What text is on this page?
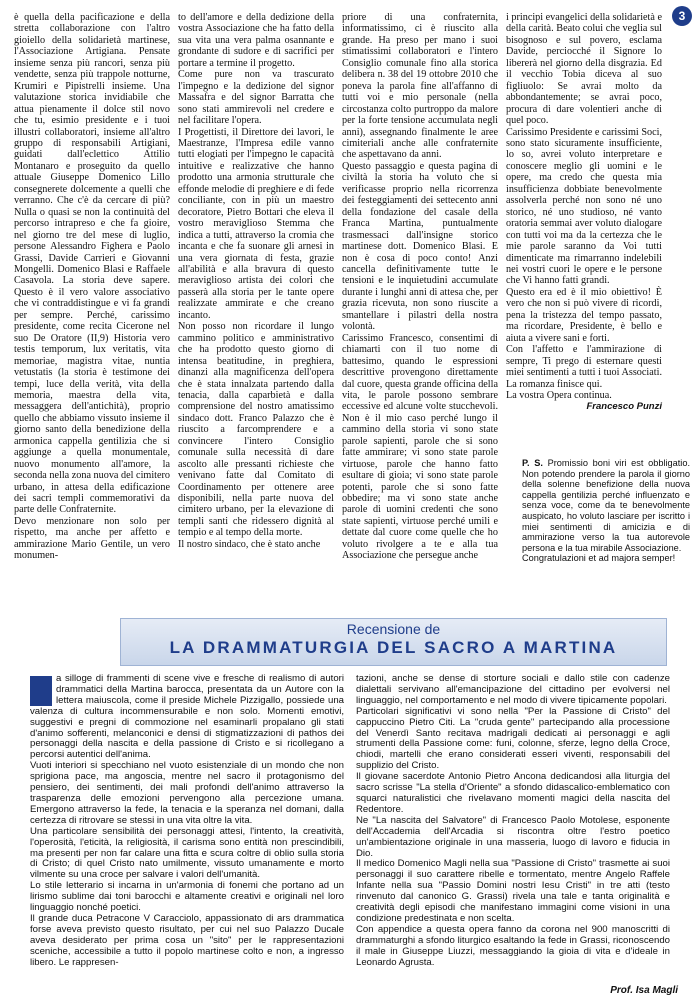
3

è quella della pacificazione e della stretta collaborazione con l'altro gioiello della solidarietà martinese, l'Associazione Artigiana. Pensate insieme senza più rancori, senza più vendette, senza più trappole notturne, Krumiri e Pipistrelli insieme. Una valutazione storica invidiabile che attua pienamente il dolce stil novo che tu, esimio presidente e i tuoi illustri collaboratori, insieme all'altro gruppo di responsabili Artigiani, guidati dall'eclettico Attilio Montanaro e proseguito da quello attuale Giuseppe Domenico Lillo consegnerete dolcemente a quelli che verranno. Che c'è da cercare di più? Nulla o quasi se non la continuità del percorso intrapreso e che fa gioire, nel giorno tre del mese di luglio, persone Alessandro Fighera e Paolo Grassi, Davide Carrieri e Giovanni Mongelli. Domenico Blasi e Raffaele Casavola. La storia deve sapere. Questo è il vero valore associativo che vi contraddistingue e vi fa grandi per sempre. Perché, carissimo presidente, come recita Cicerone nel suo De Oratore (II,9) Historia vero testis temporum, lux veritatis, vita memoriae, magistra vitae, nuntia vetustatis (la storia è testimone dei tempi, luce della verità, vita della memoria, maestra della vita, messaggera dell'antichità), proprio quello che abbiamo vissuto insieme il giorno santo della benedizione della armonica cappella gentilizia che si aggiunge a quella monumentale, nuovo monumento all'amore, la seconda nella zona nuova del cimitero urbano, in attesa della edificazione dei sacri templi commemorativi da parte delle Confraternite.

Devo menzionare non solo per rispetto, ma anche per affetto e ammirazione Mario Gentile, un vero monumen-

to dell'amore e della dedizione della vostra Associazione che ha fatto della sua vita una vera palma osannante e grondante di sudore e di sacrifici per portare a termine il progetto.

Come pure non va trascurato l'impegno e la dedizione del signor Massafra e del signor Barratta che sono stati ammirevoli nel credere e nel facilitare l'opera.

I Progettisti, il Direttore dei lavori, le Maestranze, l'Impresa edile vanno tutti elogiati per l'impegno le capacità intuitive e realizzative che hanno prodotto una armonia strutturale che effonde melodie di preghiere e di fede conciliante, con in più un maestro decoratore, Pietro Bottari che eleva il vostro meraviglioso Stemma che indica a tutti, attraverso la cromia che incanta e che fa suonare gli arnesi in una vera giornata di festa, grazie all'abilità e alla bravura di questo meraviglioso artista dei colori che passerà alla storia per le tante opere realizzate ammirate e che creano incanto.

Non posso non ricordare il lungo cammino politico e amministrativo che ha prodotto questo giorno di intensa beatitudine, in preghiera, dinanzi alla magnificenza dell'opera che è stata innalzata partendo dalla tenacia, dalla caparbietà e dalla comprensione del nostro amatissimo sindaco dott. Franco Palazzo che è riuscito a farcomprendere e a convincere l'intero Consiglio comunale sulla necessità di dare ascolto alle pressanti richieste che venivano fatte dal Comitato di Coordinamento per ottenere aree disponibili, nella parte nuova del cimitero urbano, per la elevazione di templi santi che ridessero dignità al tempio e al tempo della morte.

Il nostro sindaco, che è stato anche

priore di una confraternita, informatissimo, ci è riuscito alla grande. Ha preso per mano i suoi stimatissimi collaboratori e l'intero Consiglio comunale fino alla storica delibera n. 38 del 19 ottobre 2010 che poneva la parola fine all'affanno di tutti voi e mio personale (nella circostanza colto purtroppo da malore per la forte tensione accumulata negli anni), assegnando finalmente le aree cimiteriali anche alle confraternite che aspettavano da anni.

Questo passaggio e questa pagina di civiltà la storia ha voluto che si verificasse proprio nella ricorrenza dei festeggiamenti dei settecento anni della fondazione del casale della Franca Martina, puntualmente trasmessaci dall'insigne storico martinese dott. Domenico Blasi. E non è cosa di poco conto! Anzi cancella definitivamente tutte le tensioni e le inquietudini accumulate durante i lunghi anni di attesa che, per grazia ricevuta, non sono riuscite a smantellare i pilastri della nostra volontà.

Carissimo Francesco, consentimi di chiamarti con il tuo nome di battesimo, quando le espressioni descrittive provengono direttamente dal cuore, questa grande officina della vita, le parole possono sembrare eccessive ed alcune volte stucchevoli. Non è il mio caso perché lungo il cammino della storia vi sono state parole sapienti, parole che si sono fatte ammirare; vi sono state parole virtuose, parole che hanno fatto esultare di gioia; vi sono state parole potenti, parole che si sono fatte obbedire; ma vi sono state anche parole di uomini credenti che sono state sapienti, virtuose perché umili e dettate dal cuore come quelle che ho voluto rivolgere a te e alla tua Associazione che persegue anche

i principi evangelici della solidarietà e della carità. Beato colui che veglia sul bisognoso e sul povero, esclama Davide, perciocché il Signore lo libererà nel giorno della disgrazia. Ed il vecchio Tobia diceva al suo figliuolo: Se avrai molto da abbondantemente; se avrai poco, procura di dare volentieri anche di quel poco.

Carissimo Presidente e carissimi Soci, sono stato sicuramente insufficiente, lo so, avrei voluto interpretare e conoscere meglio gli uomini e le opere, ma credo che questa mia insufficienza dobbiate benevolmente assolverla perché non sono né uno storico, né uno studioso, né vanto oratoria semmai aver voluto dialogare con tutti voi ma da la certezza che le mie parole saranno da Voi tutti dimenticate ma rimarranno indelebili nei vostri cuori le opere e le persone che Vi hanno fatti grandi.

Questo era ed è il mio obiettivo! È vero che non si può vivere di ricordi, pena la tristezza del tempo passato, ma ricordare, Presidente, è bello e aiuta a vivere sani e forti.

Con l'affetto e l'ammirazione di sempre, Ti prego di esternare questi miei sentimenti a tutti i tuoi Associati. La romanza finisce qui.

La vostra Opera continua.

Francesco Punzi

P. S. Promissio boni viri est obbligatio. Non potendo prendere la parola il giorno della solenne benefizione della nuova cappella gentilizia perché influenzato e senza voce, come da te benevolmente auspicato, ho voluto lasciare per iscritto i miei sentimenti di amicizia e di ammirazione verso la tua autorevole persona e la tua mirabile Associazione.
Congratulazioni et ad majora semper!
Recensione de
LA DRAMMATURGIA DEL SACRO A MARTINA

a silloge di frammenti di scene vive e fresche di realismo di autori drammatici della Martina barocca, presentata da un Autore con la lettera maiuscola, come il preside Michele Pizzigallo, possiede una valenza di cultura incommensurabile e non solo. Momenti emotivi, suggestivi e pregni di commozione nel esaminarli propalano gli stati d'animo sofferenti, melanconici e densi di stigmatizzazioni di pathos dei personaggi della nascita e della passione di Cristo e si ricollegano a percorsi autentici dell'anima.

Vuoti interiori si specchiano nel vuoto esistenziale di un mondo che non sprigiona pace, ma angoscia, mentre nel sacro il protagonismo del pensiero, dei sentimenti, dei mali profondi dell'animo attraverso la trasparenza delle emozioni pervengono alla percezione umana. Emergono attraverso la fede, la tenacia e la speranza nel domani, dalla certezza di ritrovare se stessi in una vita oltre la vita.

Una particolare sensibilità dei personaggi attesi, l'intento, la creatività, l'operosità, l'eticità, la religiosità, il carisma sono entità non prescindibili, ma presenti per non far calare una fitta e scura coltre di oblio sulla storia di Cristo; di quel Cristo nato umilmente, vissuto umanamente e morto vilmente su una croce per salvare i valori dell'umanità.

Lo stile letterario si incarna in un'armonia di fonemi che portano ad un lirismo sublime dai toni barocchi e altamente creativi e originali nel loro linguaggio nonché poetici.

Il grande duca Petracone V Caracciolo, appassionato di ars drammatica forse aveva previsto questo risultato, per cui nel suo Palazzo Ducale aveva desiderato per prima cosa un "sito" per le rappresentazioni sceniche, accessibile a tutto il popolo martinese colto e non, a ingresso libero. Le rappresen-

tazioni, anche se dense di storture sociali e dallo stile con cadenze dialettali servivano all'emancipazione del cittadino per evolversi nel linguaggio, nel comportamento e nel modo di vivere tipicamente popolari.

Particolari significativi vi sono nella "Per la Passione di Cristo" del cappuccino Pietro Citi. La "cruda gente" partecipando alla processione del Venerdì Santo recitava madrigali dedicati ai personaggi e agli strumenti della Passione come: funi, colonne, sferze, legno della Croce, chiodi, martelli che erano considerati esseri viventi, responsabili del supplizio del Cristo.

Il giovane sacerdote Antonio Pietro Ancona dedicandosi alla liturgia del sacro scrisse "La stella d'Oriente" a sfondo didascalico-emblematico con squarci naturalistici che rivelavano momenti magici della nascita del Redentore.

Ne "La nascita del Salvatore" di Francesco Paolo Motolese, esponente dell'Accademia dell'Arcadia si riscontra oltre l'estro poetico un'ambientazione originale in una masseria, luogo di lavoro e fiducia in Dio.

Il medico Domenico Magli nella sua "Passione di Cristo" trasmette ai suoi personaggi il suo carattere ribelle e tormentato, mentre Angelo Raffele Infante nella sua "Passio Domini nostri Iesu Cristi" in tre atti (testo rinvenuto dal canonico G. Grassi) rivela una tale e tanta originalità e creatività degli episodi che manifestano immagini come visioni in una condizione predestinata e non scelta.

Con appendice a questa opera fanno da corona nel 900 manoscritti di drammaturghi a sfondo liturgico esaltando la fede in Grassi, riconoscendo il male in Giuseppe Liuzzi, messaggiando la gioia di vita e d'ideale in Leonardo Agrusta.

Prof. Isa Magli
